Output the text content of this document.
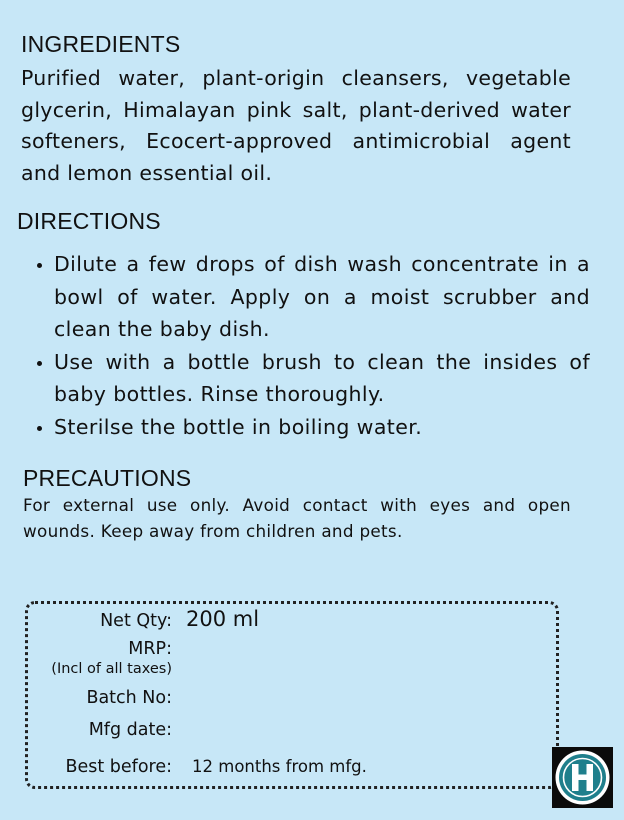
INGREDIENTS

Purified water, plant-origin cleansers, vegetable glycerin, Himalayan pink salt, plant-derived water softeners, Ecocert-approved antimicrobial agent and lemon essential oil.

DIRECTIONS
• Dilute a few drops of dish wash concentrate in a bowl of water. Apply on a moist scrubber and clean the baby dish.
• Use with a bottle brush to clean the insides of baby bottles. Rinse thoroughly.
• Sterilse the bottle in boiling water.
PRECAUTIONS

For external use only. Avoid contact with eyes and open wounds. Keep away from children and pets.

Net Qty: 200 ml
MRP:
(Incl of all taxes)
Batch No:
Mfg date:
Best before: 12 months from mfg.
